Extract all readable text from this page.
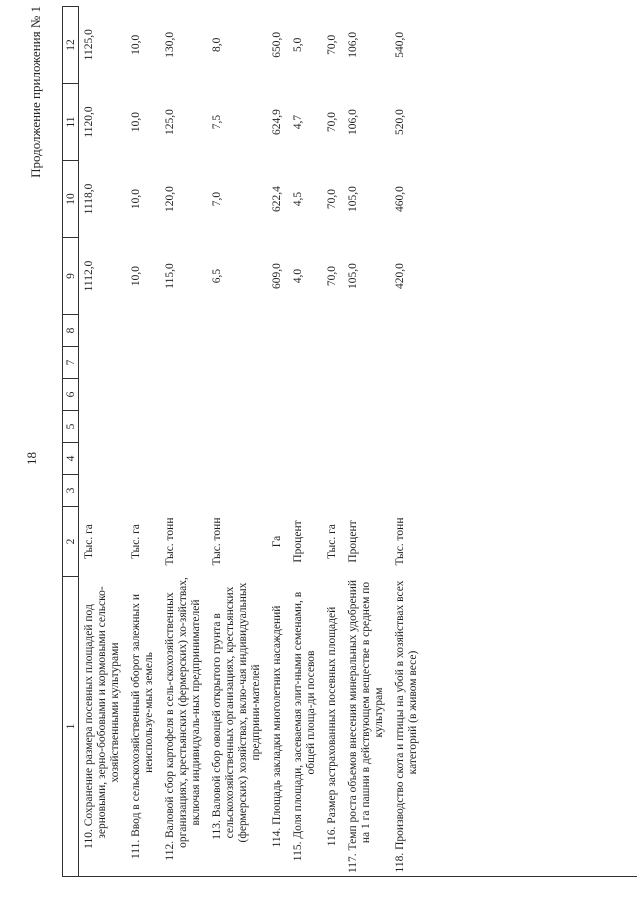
18
Продолжение приложения № 1
1	2	3	4	5	6	7	8	9	10	11	12

110. Сохранение размера посевных площадей под зерновыми, зерно-бобовыми и кормовыми сельско-хозяйственными культурами	Тыс. га							1112,0	1118,0	1120,0	1125,0

111. Ввод в сельскохозяйственный оборот залежных и неиспользуе-мых земель	Тыс. га							10,0	10,0	10,0	10,0

112. Валовой сбор картофеля в сель-скохозяйственных организациях, крестьянских (фермерских) хо-зяйствах, включая индивидуаль-ных предпринимателей	Тыс. тонн							115,0	120,0	125,0	130,0

113. Валовой сбор овощей открытого грунта в сельскохозяйственных организациях, крестьянских (фермерских) хозяйствах, вклю-чая индивидуальных предприни-мателей	Тыс. тонн							6,5	7,0	7,5	8,0

114. Площадь закладки многолетних насаждений	Га							609,0	622,4	624,9	650,0

115. Доля площади, засеваемая элит-ными семенами, в общей площа-ди посевов	Процент							4,0	4,5	4,7	5,0

116. Размер застрахованных посевных площадей	Тыс. га							70,0	70,0	70,0	70,0

117. Темп роста объемов внесения минеральных удобрений на 1 га пашни в действующем веществе в среднем по культурам	Процент							105,0	105,0	106,0	106,0

118. Производство скота и птицы на убой в хозяйствах всех категорий (в живом весе)	Тыс. тонн							420,0	460,0	520,0	540,0
